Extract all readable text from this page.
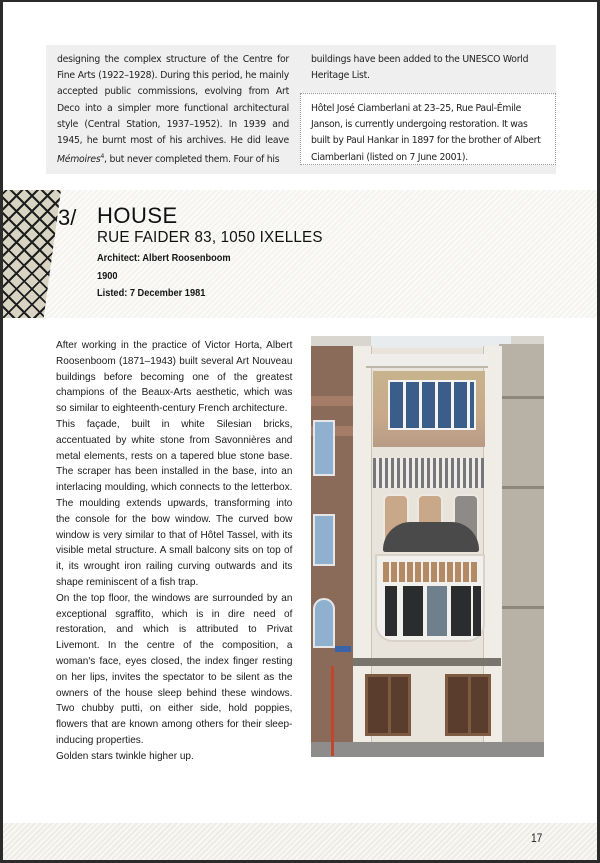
designing the complex structure of the Centre for Fine Arts (1922–1928). During this period, he mainly accepted public commissions, evolving from Art Deco into a simpler more functional architectural style (Central Station, 1937–1952). In 1939 and 1945, he burnt most of his archives. He did leave Mémoires$^4$, but never completed them. Four of his
buildings have been added to the UNESCO World Heritage List.
Hôtel José Ciamberlani at 23–25, Rue Paul-Émile Janson, is currently undergoing restoration. It was built by Paul Hankar in 1897 for the brother of Albert Ciamberlani (listed on 7 June 2001).
3/ HOUSE
RUE FAIDER 83, 1050 IXELLES
Architect: Albert Roosenboom
1900
Listed: 7 December 1981

After working in the practice of Victor Horta, Albert Roosenboom (1871–1943) built several Art Nouveau buildings before becoming one of the greatest champions of the Beaux-Arts aesthetic, which was so similar to eighteenth-century French architecture.

This façade, built in white Silesian bricks, accentuated by white stone from Savonnières and metal elements, rests on a tapered blue stone base. The scraper has been installed in the base, into an interlacing moulding, which connects to the letterbox. The moulding extends upwards, transforming into the console for the bow window. The curved bow window is very similar to that of Hôtel Tassel, with its visible metal structure. A small balcony sits on top of it, its wrought iron railing curving outwards and its shape reminiscent of a fish trap.

On the top floor, the windows are surrounded by an exceptional sgraffito, which is in dire need of restoration, and which is attributed to Privat Livemont. In the centre of the composition, a woman's face, eyes closed, the index finger resting on her lips, invites the spectator to be silent as the owners of the house sleep behind these windows. Two chubby putti, on either side, hold poppies, flowers that are known among others for their sleep-inducing properties.

Golden stars twinkle higher up.

17
